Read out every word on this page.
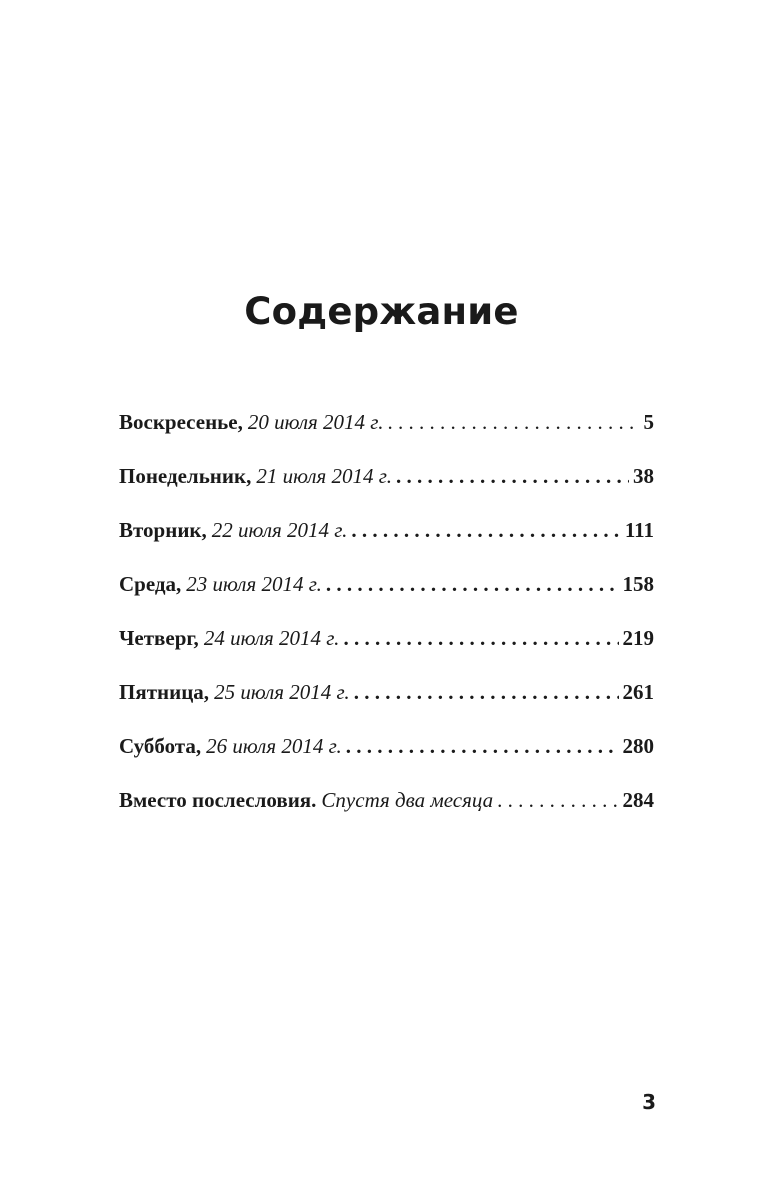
Содержание
Воскресенье, 20 июля 2014 г. . . .	5
Понедельник, 21 июля 2014 г. . . .	38
Вторник, 22 июля 2014 г. . . .	111
Среда, 23 июля 2014 г. . . .	158
Четверг, 24 июля 2014 г. . . .	219
Пятница, 25 июля 2014 г. . . .	261
Суббота, 26 июля 2014 г. . . .	280
Вместо послесловия. Спустя два месяца . . .	284
3
